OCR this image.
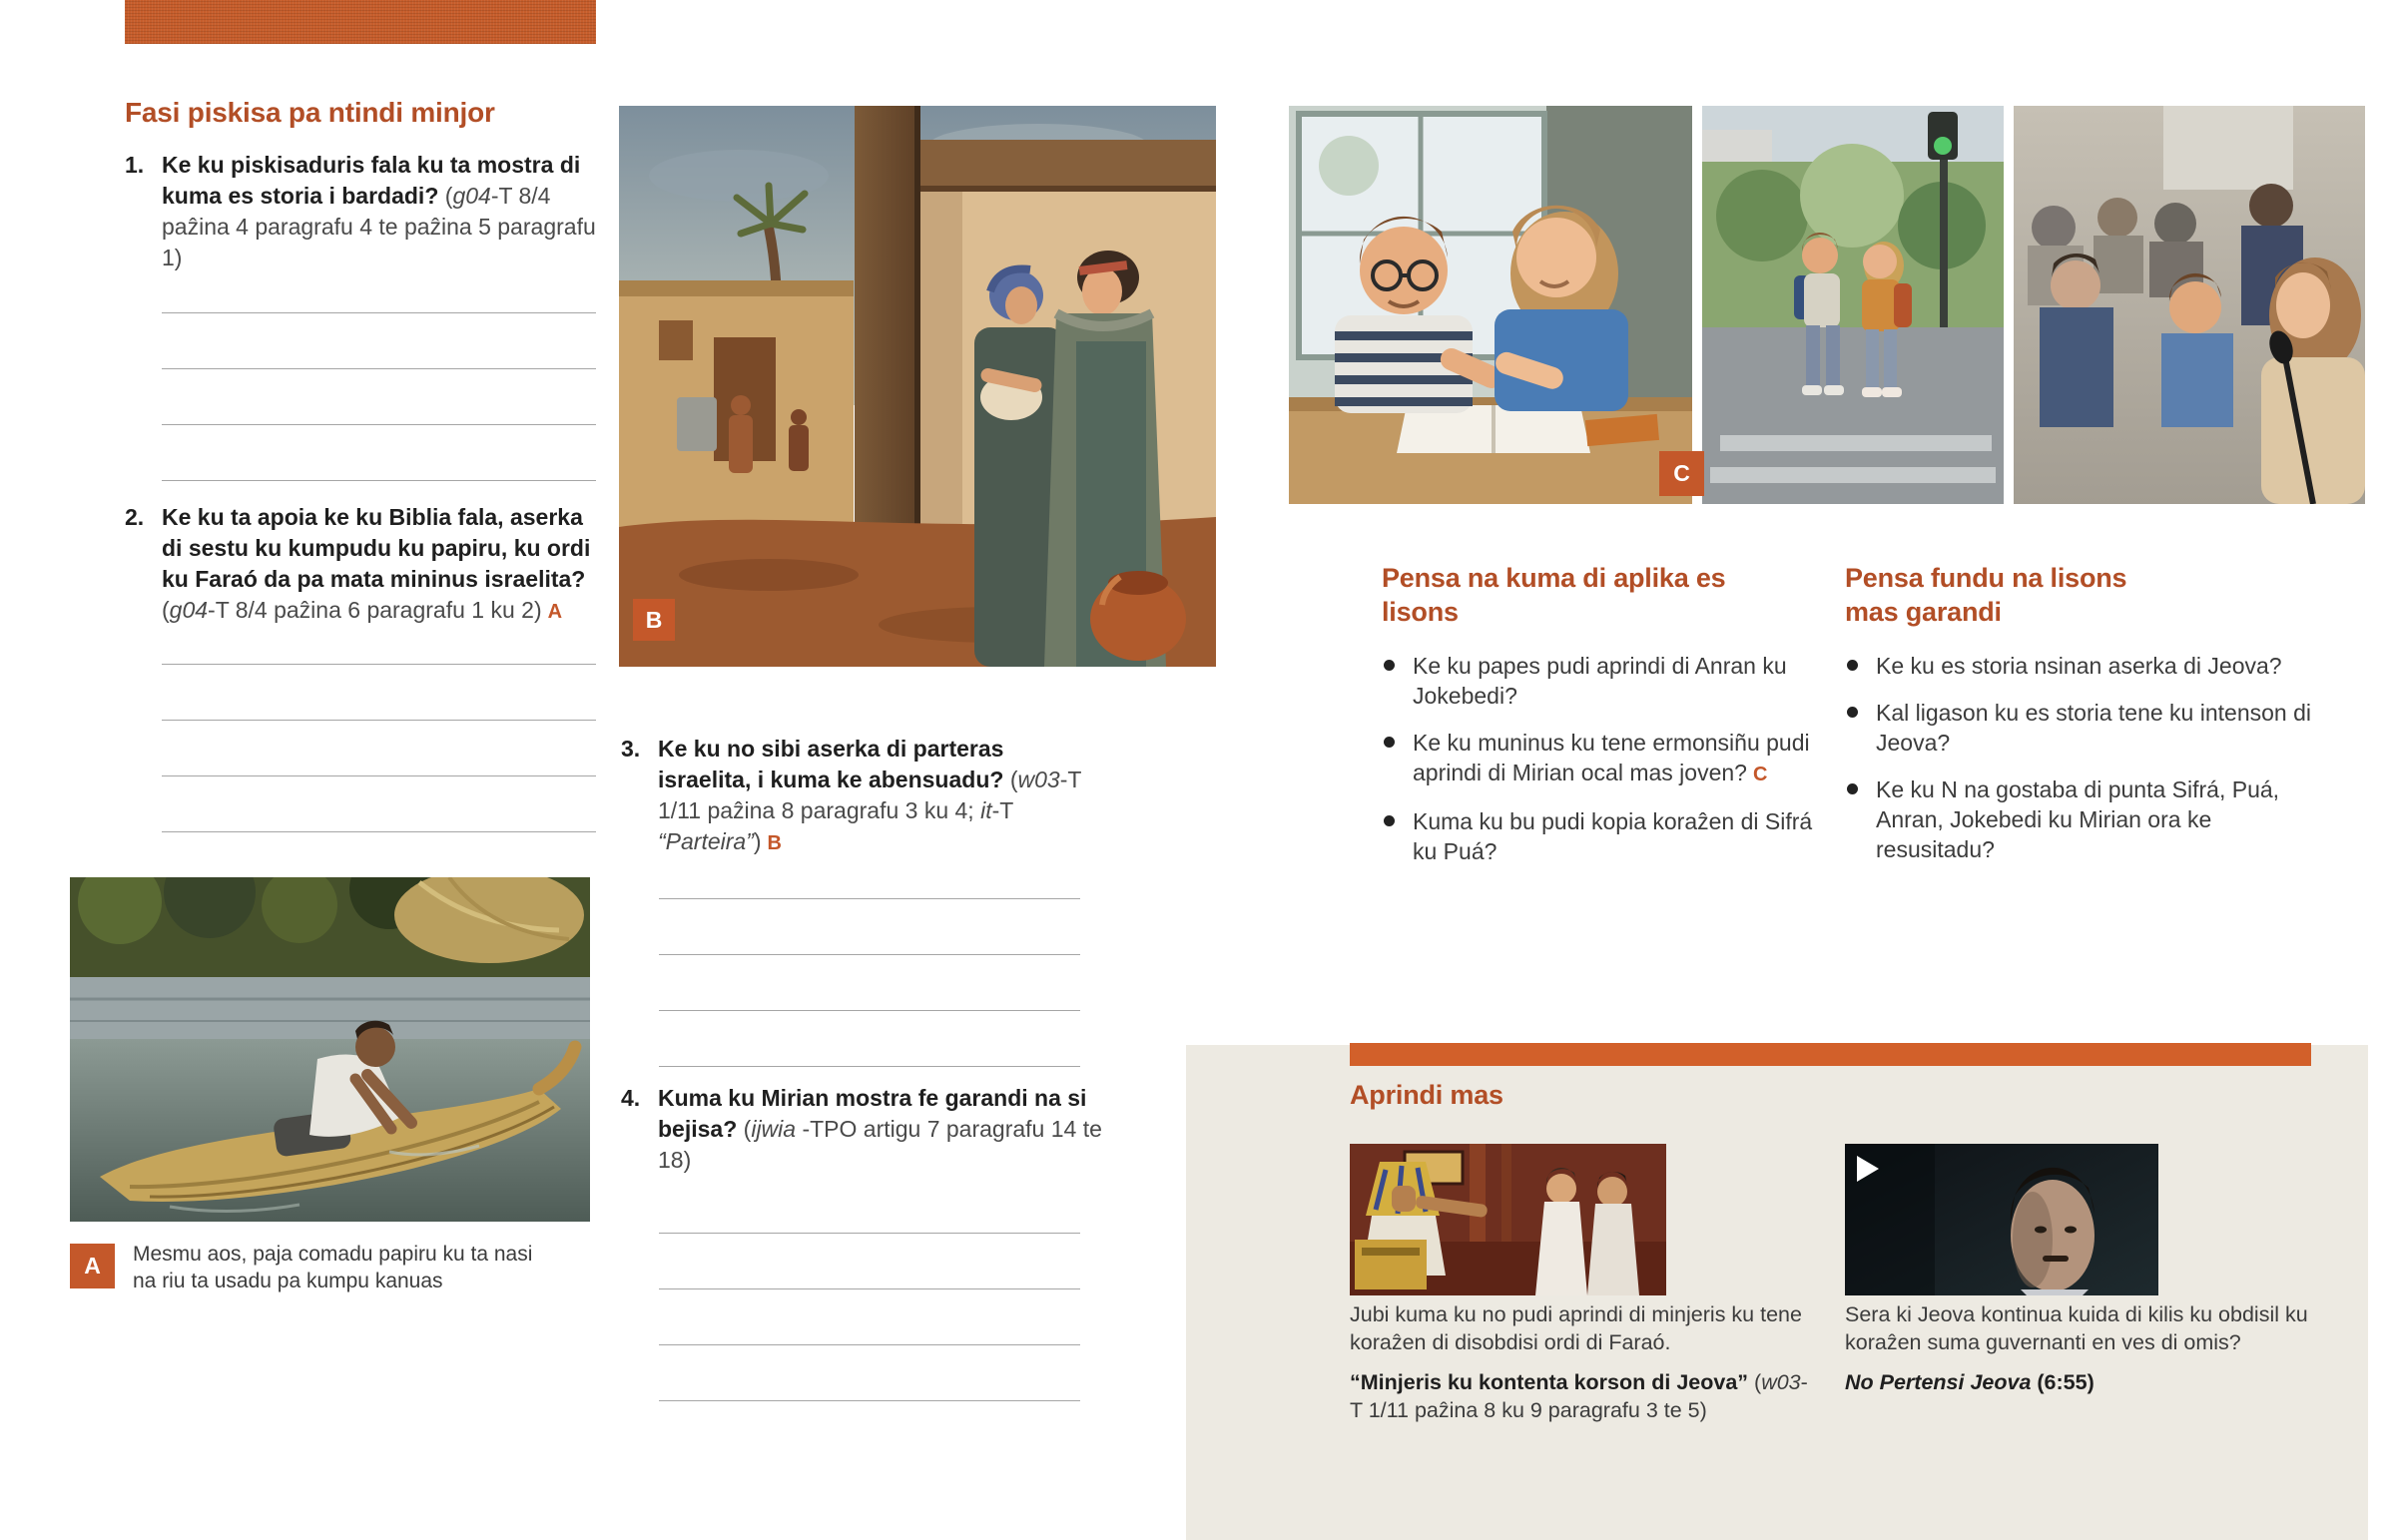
Fasi piskisa pa ntindi minjor
1. Ke ku piskisaduris fala ku ta mostra di kuma es storia i bardadi? (g04-T 8/4 paẑina 4 paragrafu 4 te paẑina 5 paragrafu 1)

2. Ke ku ta apoia ke ku Biblia fala, aserka di sestu ku kumpudu ku papiru, ku ordi ku Faraó da pa mata mininus israelita? (g04-T 8/4 paẑina 6 paragrafu 1 ku 2) A

A	Mesmu aos, paja comadu papiru ku ta nasi na riu ta usadu pa kumpu kanuas
B
3. Ke ku no sibi aserka di parteras israelita, i kuma ke abensuadu? (w03-T 1/11 paẑina 8 paragrafu 3 ku 4; it-T “Parteira”) B

4. Kuma ku Mirian mostra fe garandi na si bejisa? (ijwia -TPO artigu 7 paragrafu 14 te 18)

C
Pensa na kuma di aplika es lisons
Ke ku papes pudi aprindi di Anran ku Jokebedi?
Ke ku muninus ku tene ermonsiñu pudi aprindi di Mirian ocal mas joven? C
Kuma ku bu pudi kopia koraẑen di Sifrá ku Puá?
Pensa fundu na lisons mas garandi
Ke ku es storia nsinan aserka di Jeova?
Kal ligason ku es storia tene ku intenson di Jeova?
Ke ku N na gostaba di punta Sifrá, Puá, Anran, Jokebedi ku Mirian ora ke resusitadu?
Aprindi mas

Jubi kuma ku no pudi aprindi di minjeris ku tene koraẑen di disobdisi ordi di Faraó.

“Minjeris ku kontenta korson di Jeova” (w03-T 1/11 paẑina 8 ku 9 paragrafu 3 te 5)

Sera ki Jeova kontinua kuida di kilis ku obdisil ku koraẑen suma guvernanti en ves di omis?

No Pertensi Jeova (6:55)
